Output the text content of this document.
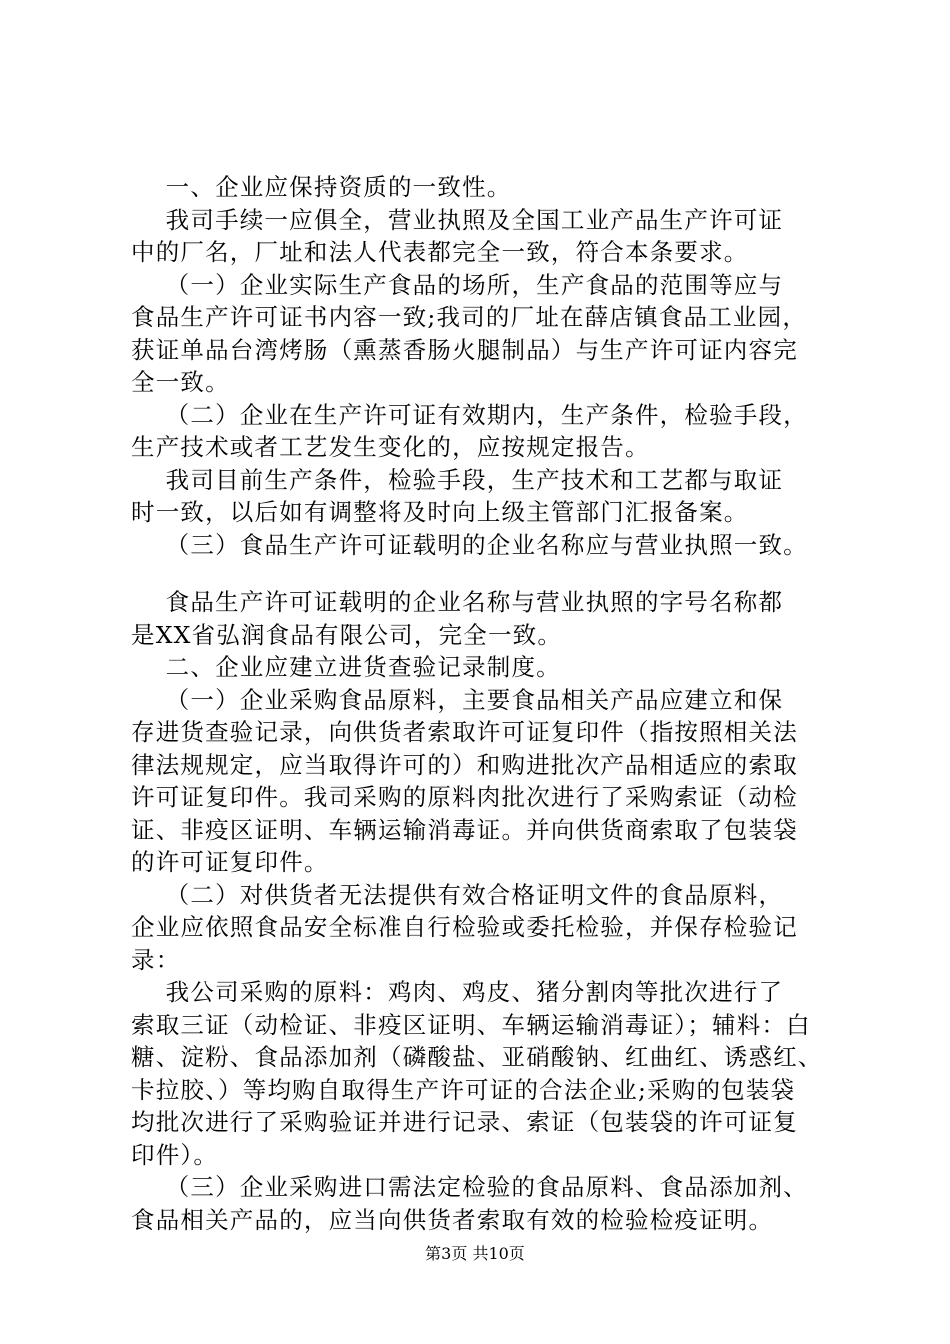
一、企业应保持资质的一致性。
我司手续一应俱全，营业执照及全国工业产品生产许可证
中的厂名，厂址和法人代表都完全一致，符合本条要求。
（一）企业实际生产食品的场所，生产食品的范围等应与
食品生产许可证书内容一致;我司的厂址在薛店镇食品工业园，
获证单品台湾烤肠（熏蒸香肠火腿制品）与生产许可证内容完
全一致。
（二）企业在生产许可证有效期内，生产条件，检验手段，
生产技术或者工艺发生变化的，应按规定报告。
我司目前生产条件，检验手段，生产技术和工艺都与取证
时一致，以后如有调整将及时向上级主管部门汇报备案。
（三）食品生产许可证载明的企业名称应与营业执照一致。
食品生产许可证载明的企业名称与营业执照的字号名称都
是XX省弘润食品有限公司，完全一致。
二、企业应建立进货查验记录制度。
（一）企业采购食品原料，主要食品相关产品应建立和保
存进货查验记录，向供货者索取许可证复印件（指按照相关法
律法规规定，应当取得许可的）和购进批次产品相适应的索取
许可证复印件。我司采购的原料肉批次进行了采购索证（动检
证、非疫区证明、车辆运输消毒证。并向供货商索取了包装袋
的许可证复印件。
（二）对供货者无法提供有效合格证明文件的食品原料，
企业应依照食品安全标准自行检验或委托检验，并保存检验记
录：
我公司采购的原料：鸡肉、鸡皮、猪分割肉等批次进行了
索取三证（动检证、非疫区证明、车辆运输消毒证）；辅料：白
糖、淀粉、食品添加剂（磷酸盐、亚硝酸钠、红曲红、诱惑红、
卡拉胶、）等均购自取得生产许可证的合法企业;采购的包装袋
均批次进行了采购验证并进行记录、索证（包装袋的许可证复
印件）。
（三）企业采购进口需法定检验的食品原料、食品添加剂、
食品相关产品的，应当向供货者索取有效的检验检疫证明。
第3页 共10页
